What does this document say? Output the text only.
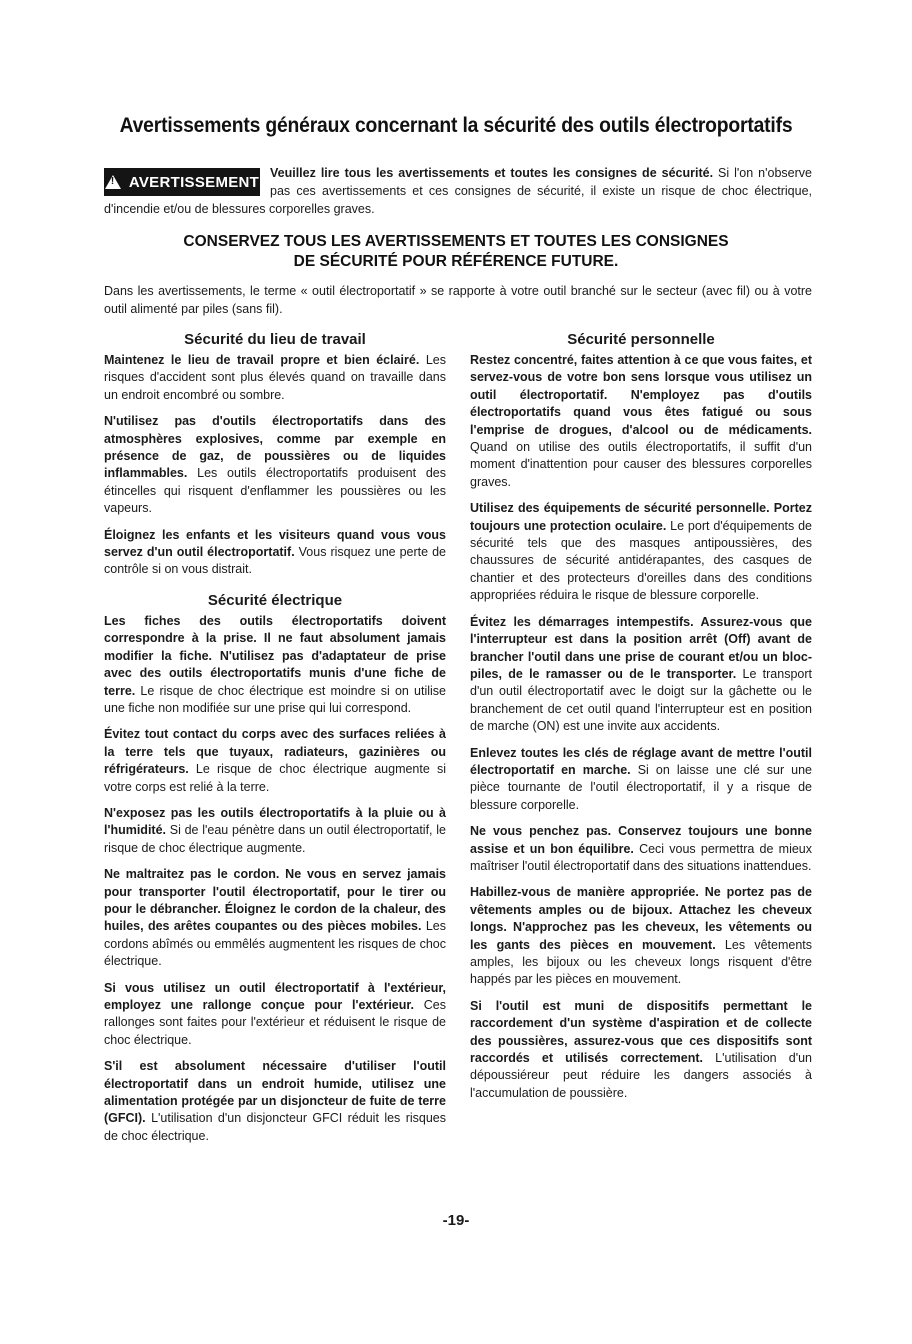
Avertissements généraux concernant la sécurité des outils électroportatifs
!
AVERTISSEMENT
Veuillez lire tous les avertissements et toutes les consignes de sécurité. Si l'on n'observe pas ces avertissements et ces consignes de sécurité, il existe un risque de choc électrique, d'incendie et/ou de blessures corporelles graves.
CONSERVEZ TOUS LES AVERTISSEMENTS ET TOUTES LES CONSIGNES
DE SÉCURITÉ POUR RÉFÉRENCE FUTURE.
Dans les avertissements, le terme « outil électroportatif » se rapporte à votre outil branché sur le secteur (avec fil) ou à votre outil alimenté par piles (sans fil).
Sécurité du lieu de travail
Maintenez le lieu de travail propre et bien éclairé. Les risques d'accident sont plus élevés quand on travaille dans un endroit encombré ou sombre.
N'utilisez pas d'outils électroportatifs dans des atmosphères explosives, comme par exemple en présence de gaz, de poussières ou de liquides inflammables. Les outils électroportatifs produisent des étincelles qui risquent d'enflammer les poussières ou les vapeurs.
Éloignez les enfants et les visiteurs quand vous vous servez d'un outil électroportatif. Vous risquez une perte de contrôle si on vous distrait.
Sécurité électrique
Les fiches des outils électroportatifs doivent correspondre à la prise. Il ne faut absolument jamais modifier la fiche. N'utilisez pas d'adaptateur de prise avec des outils électroportatifs munis d'une fiche de terre. Le risque de choc électrique est moindre si on utilise une fiche non modifiée sur une prise qui lui correspond.
Évitez tout contact du corps avec des surfaces reliées à la terre tels que tuyaux, radiateurs, gazinières ou réfrigérateurs. Le risque de choc électrique augmente si votre corps est relié à la terre.
N'exposez pas les outils électroportatifs à la pluie ou à l'humidité. Si de l'eau pénètre dans un outil électroportatif, le risque de choc électrique augmente.
Ne maltraitez pas le cordon. Ne vous en servez jamais pour transporter l'outil électroportatif, pour le tirer ou pour le débrancher. Éloignez le cordon de la chaleur, des huiles, des arêtes coupantes ou des pièces mobiles. Les cordons abîmés ou emmêlés augmentent les risques de choc électrique.
Si vous utilisez un outil électroportatif à l'extérieur, employez une rallonge conçue pour l'extérieur. Ces rallonges sont faites pour l'extérieur et réduisent le risque de choc électrique.
S'il est absolument nécessaire d'utiliser l'outil électroportatif dans un endroit humide, utilisez une alimentation protégée par un disjoncteur de fuite de terre (GFCI). L'utilisation d'un disjoncteur GFCI réduit les risques de choc électrique.
Sécurité personnelle
Restez concentré, faites attention à ce que vous faites, et servez-vous de votre bon sens lorsque vous utilisez un outil électroportatif. N'employez pas d'outils électroportatifs quand vous êtes fatigué ou sous l'emprise de drogues, d'alcool ou de médicaments. Quand on utilise des outils électroportatifs, il suffit d'un moment d'inattention pour causer des blessures corporelles graves.
Utilisez des équipements de sécurité personnelle. Portez toujours une protection oculaire. Le port d'équipements de sécurité tels que des masques antipoussières, des chaussures de sécurité antidérapantes, des casques de chantier et des protecteurs d'oreilles dans des conditions appropriées réduira le risque de blessure corporelle.
Évitez les démarrages intempestifs. Assurez-vous que l'interrupteur est dans la position arrêt (Off) avant de brancher l'outil dans une prise de courant et/ou un bloc-piles, de le ramasser ou de le transporter. Le transport d'un outil électroportatif avec le doigt sur la gâchette ou le branchement de cet outil quand l'interrupteur est en position de marche (ON) est une invite aux accidents.
Enlevez toutes les clés de réglage avant de mettre l'outil électroportatif en marche. Si on laisse une clé sur une pièce tournante de l'outil électroportatif, il y a risque de blessure corporelle.
Ne vous penchez pas. Conservez toujours une bonne assise et un bon équilibre. Ceci vous permettra de mieux maîtriser l'outil électroportatif dans des situations inattendues.
Habillez-vous de manière appropriée. Ne portez pas de vêtements amples ou de bijoux. Attachez les cheveux longs. N'approchez pas les cheveux, les vêtements ou les gants des pièces en mouvement. Les vêtements amples, les bijoux ou les cheveux longs risquent d'être happés par les pièces en mouvement.
Si l'outil est muni de dispositifs permettant le raccordement d'un système d'aspiration et de collecte des poussières, assurez-vous que ces dispositifs sont raccordés et utilisés correctement. L'utilisation d'un dépoussiéreur peut réduire les dangers associés à l'accumulation de poussière.
-19-
